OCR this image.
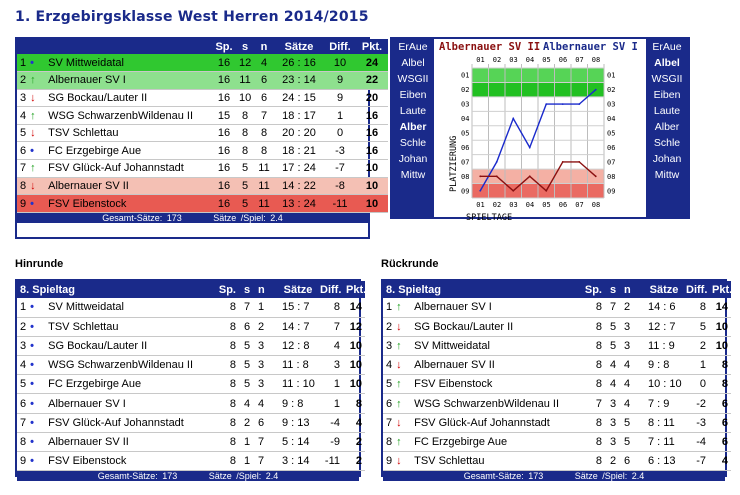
1. Erzgebirgsklasse West Herren 2014/2015
	Sp.	s	n	Sätze	Diff.	Pkt.
1 • SV Mittweidatal	16	12	4	26 : 16	10	24
2 ↑ Albernauer SV I	16	11	6	23 : 14	9	22
3 ↓ SG Bockau/Lauter II	16	10	6	24 : 15	9	20
4 ↑ WSG SchwarzenbWildenau II	15	8	7	18 : 17	1	16
5 ↓ TSV Schlettau	16	8	8	20 : 20	0	16
6 • FC Erzgebirge Aue	16	8	8	18 : 21	-3	16
7 ↑ FSV Glück-Auf Johannstadt	16	5	11	17 : 24	-7	10
8 ↓ Albernauer SV II	16	5	11	14 : 22	-8	10
9 • FSV Eibenstock	16	5	11	13 : 24	-11	10
Gesamt-Sätze: 173	Sätze /Spiel: 2.4
ErAue
Albel
WSGII
Eiben
Laute
Alber
Schle
Johan
Mittw
Albernauer SV II Albernauer SV I
01
01
02
02
03
03
04
04
05
05
06
06
07
07
08
08
01	01
02	02
03	03
04	04
05	05
06	06
07	07
08	08
09	09
PLATZIERUNG
SPIELTAGE
ErAue
Albel
WSGII
Eiben
Laute
Alber
Schle
Johan
Mittw
Hinrunde	Rückrunde
8. Spieltag	Sp.	s	n	Sätze	Diff.	Pkt.
1 • SV Mittweidatal	8	7	1	15 : 7	8	14
2 • TSV Schlettau	8	6	2	14 : 7	7	12
3 • SG Bockau/Lauter II	8	5	3	12 : 8	4	10
4 • WSG SchwarzenbWildenau II	8	5	3	11 : 8	3	10
5 • FC Erzgebirge Aue	8	5	3	11 : 10	1	10
6 • Albernauer SV I	8	4	4	9 : 8	1	8
7 • FSV Glück-Auf Johannstadt	8	2	6	9 : 13	-4	4
8 • Albernauer SV II	8	1	7	5 : 14	-9	2
9 • FSV Eibenstock	8	1	7	3 : 14	-11	2
Gesamt-Sätze: 173	Sätze /Spiel: 2.4
8. Spieltag	Sp.	s	n	Sätze	Diff.	Pkt.
1 ↑ Albernauer SV I	8	7	2	14 : 6	8	14
2 ↓ SG Bockau/Lauter II	8	5	3	12 : 7	5	10
3 ↑ SV Mittweidatal	8	5	3	11 : 9	2	10
4 ↓ Albernauer SV II	8	4	4	9 : 8	1	8
5 ↑ FSV Eibenstock	8	4	4	10 : 10	0	8
6 ↑ WSG SchwarzenbWildenau II	7	3	4	7 : 9	-2	6
7 ↓ FSV Glück-Auf Johannstadt	8	3	5	8 : 11	-3	6
8 ↑ FC Erzgebirge Aue	8	3	5	7 : 11	-4	6
9 ↓ TSV Schlettau	8	2	6	6 : 13	-7	4
Gesamt-Sätze: 173	Sätze /Spiel: 2.4
